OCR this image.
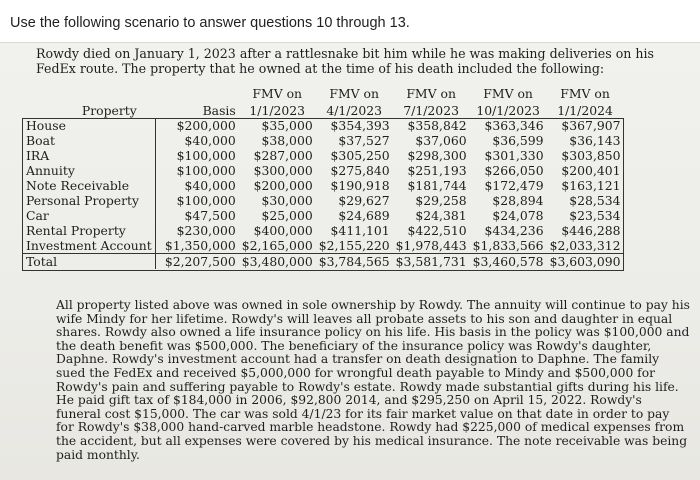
Use the following scenario to answer questions 10 through 13.

Rowdy died on January 1, 2023 after a rattlesnake bit him while he was making deliveries on his

FedEx route. The property that he owned at the time of his death included the following:

		FMV on	FMV on	FMV on	FMV on	FMV on
Property	Basis	1/1/2023	4/1/2023	7/1/2023	10/1/2023	1/1/2024
House	$200,000	$35,000	$354,393	$358,842	$363,346	$367,907
Boat	$40,000	$38,000	$37,527	$37,060	$36,599	$36,143
IRA	$100,000	$287,000	$305,250	$298,300	$301,330	$303,850
Annuity	$100,000	$300,000	$275,840	$251,193	$266,050	$200,401
Note Receivable	$40,000	$200,000	$190,918	$181,744	$172,479	$163,121
Personal Property	$100,000	$30,000	$29,627	$29,258	$28,894	$28,534
Car	$47,500	$25,000	$24,689	$24,381	$24,078	$23,534
Rental Property	$230,000	$400,000	$411,101	$422,510	$434,236	$446,288
Investment Account	$1,350,000	$2,165,000	$2,155,220	$1,978,443	$1,833,566	$2,033,312
Total	$2,207,500	$3,480,000	$3,784,565	$3,581,731	$3,460,578	$3,603,090
All property listed above was owned in sole ownership by Rowdy. The annuity will continue to pay his
wife Mindy for her lifetime. Rowdy's will leaves all probate assets to his son and daughter in equal
shares. Rowdy also owned a life insurance policy on his life. His basis in the policy was $100,000 and
the death benefit was $500,000. The beneficiary of the insurance policy was Rowdy's daughter,
Daphne. Rowdy's investment account had a transfer on death designation to Daphne. The family
sued the FedEx and received $5,000,000 for wrongful death payable to Mindy and $500,000 for
Rowdy's pain and suffering payable to Rowdy's estate. Rowdy made substantial gifts during his life.
He paid gift tax of $184,000 in 2006, $92,800 2014, and $295,250 on April 15, 2022. Rowdy's
funeral cost $15,000. The car was sold 4/1/23 for its fair market value on that date in order to pay
for Rowdy's $38,000 hand-carved marble headstone. Rowdy had $225,000 of medical expenses from
the accident, but all expenses were covered by his medical insurance. The note receivable was being
paid monthly.
